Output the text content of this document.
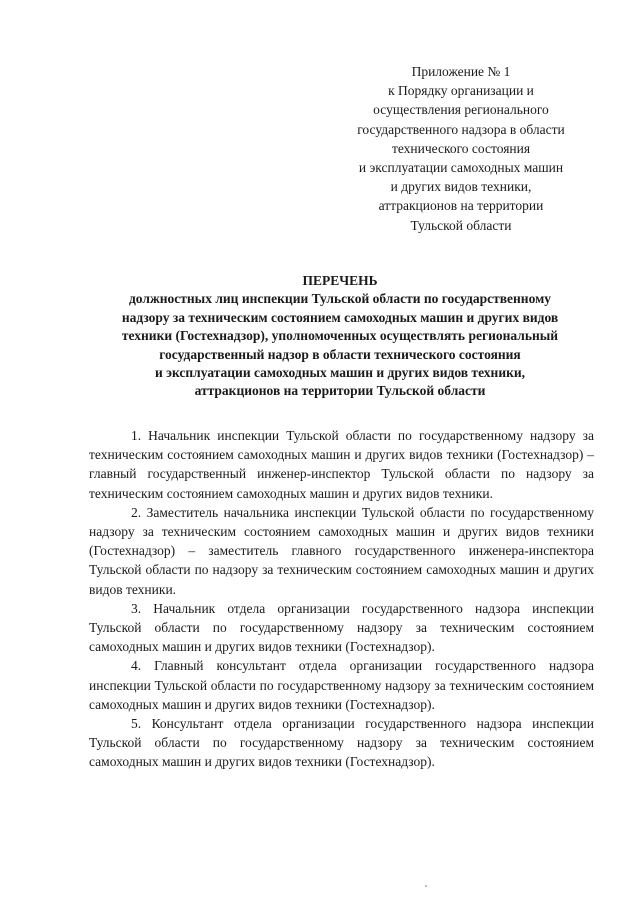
Приложение № 1
к Порядку организации и
осуществления регионального
государственного надзора в области
технического состояния
и эксплуатации самоходных машин
и других видов техники,
аттракционов на территории
Тульской области
ПЕРЕЧЕНЬ
должностных лиц инспекции Тульской области по государственному
надзору за техническим состоянием самоходных машин и других видов
техники (Гостехнадзор), уполномоченных осуществлять региональный
государственный надзор в области технического состояния
и эксплуатации самоходных машин и других видов техники,
аттракционов на территории Тульской области

1. Начальник инспекции Тульской области по государственному надзору за техническим состоянием самоходных машин и других видов техники (Гостехнадзор) – главный государственный инженер-инспектор Тульской области по надзору за техническим состоянием самоходных машин и других видов техники.

2. Заместитель начальника инспекции Тульской области по государственному надзору за техническим состоянием самоходных машин и других видов техники (Гостехнадзор) – заместитель главного государственного инженера-инспектора Тульской области по надзору за техническим состоянием самоходных машин и других видов техники.

3. Начальник отдела организации государственного надзора инспекции Тульской области по государственному надзору за техническим состоянием самоходных машин и других видов техники (Гостехнадзор).

4. Главный консультант отдела организации государственного надзора инспекции Тульской области по государственному надзору за техническим состоянием самоходных машин и других видов техники (Гостехнадзор).

5. Консультант отдела организации государственного надзора инспекции Тульской области по государственному надзору за техническим состоянием самоходных машин и других видов техники (Гостехнадзор).
